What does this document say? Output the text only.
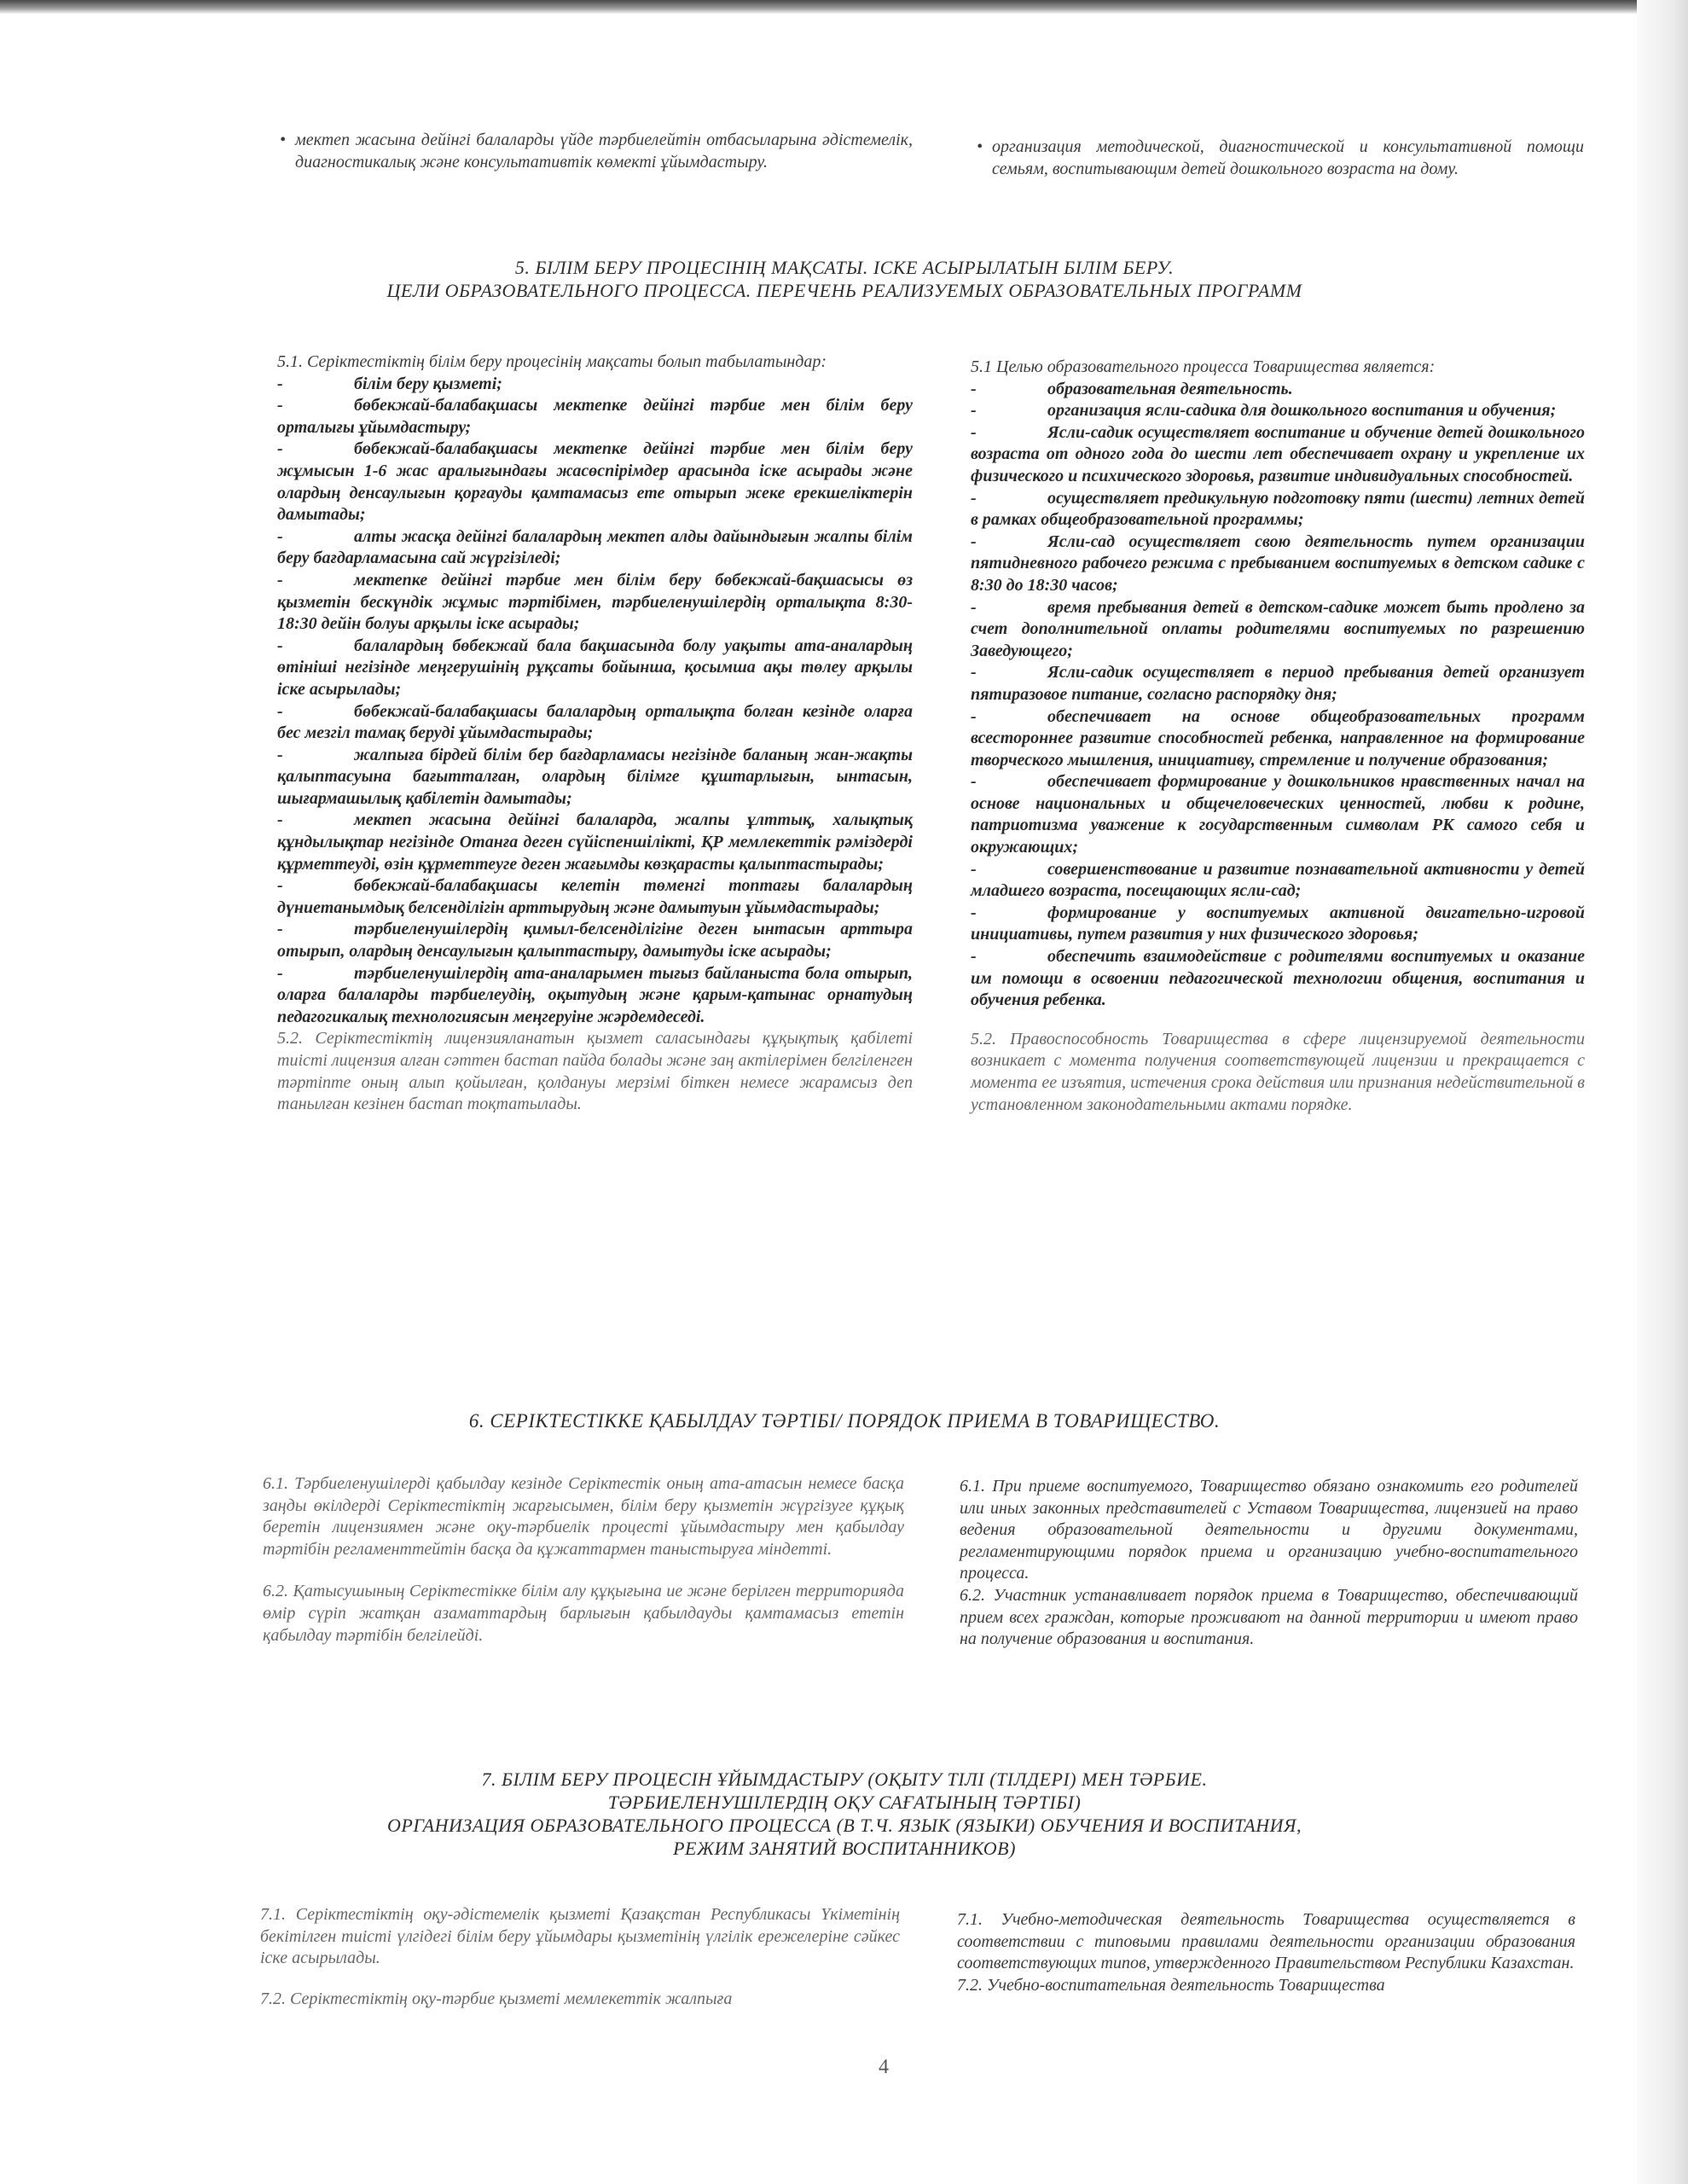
• мектеп жасына дейінгі балаларды үйде тәрбиелейтін отбасыларына әдістемелік, диагностикалық және консультативтік көмекті ұйымдастыру.

• организация методической, диагностической и консультативной помощи семьям, воспитывающим детей дошкольного возраста на дому.

5. БІЛІМ БЕРУ ПРОЦЕСІНІҢ МАҚСАТЫ. ІСКЕ АСЫРЫЛАТЫН БІЛІМ БЕРУ.
ЦЕЛИ ОБРАЗОВАТЕЛЬНОГО ПРОЦЕССА. ПЕРЕЧЕНЬ РЕАЛИЗУЕМЫХ ОБРАЗОВАТЕЛЬНЫХ ПРОГРАММ

5.1. Серіктестіктің білім беру процесінің мақсаты болып табылатындар:

-	білім беру қызметі;

-	бөбекжай-балабақшасы мектепке дейінгі тәрбие мен білім беру орталығы ұйымдастыру;

-	бөбекжай-балабақшасы мектепке дейінгі тәрбие мен білім беру жұмысын 1-6 жас аралығындағы жасөспірімдер арасында іске асырады және олардың денсаулығын қорғауды қамтамасыз ете отырып жеке ерекшеліктерін дамытады;

-	алты жасқа дейінгі балалардың мектеп алды дайындығын жалпы білім беру бағдарламасына сай жүргізіледі;

-	мектепке дейінгі тәрбие мен білім беру бөбекжай-бақшасысы өз қызметін бескүндік жұмыс тәртібімен, тәрбиеленушілердің орталықта 8:30-18:30 дейін болуы арқылы іске асырады;

-	балалардың бөбекжай бала бақшасында болу уақыты ата-аналардың өтініші негізінде меңгерушінің рұқсаты бойынша, қосымша ақы төлеу арқылы іске асырылады;

-	бөбекжай-балабақшасы балалардың орталықта болған кезінде оларға бес мезгіл тамақ беруді ұйымдастырады;

-	жалпыға бірдей білім бер бағдарламасы негізінде баланың жан-жақты қалыптасуына бағытталған, олардың білімге құштарлығын, ынтасын, шығармашылық қабілетін дамытады;

-	мектеп жасына дейінгі балаларда, жалпы ұлттық, халықтық құндылықтар негізінде Отанға деген сүйіспеншілікті, ҚР мемлекеттік рәміздерді құрметтеуді, өзін құрметтеуге деген жағымды көзқарасты қалыптастырады;

-	бөбекжай-балабақшасы келетін төменгі топтағы балалардың дүниетанымдық белсенділігін арттырудың және дамытуын ұйымдастырады;

-	тәрбиеленушілердің қимыл-белсенділігіне деген ынтасын арттыра отырып, олардың денсаулығын қалыптастыру, дамытуды іске асырады;

-	тәрбиеленушілердің ата-аналарымен тығыз байланыста бола отырып, оларға балаларды тәрбиелеудің, оқытудың және қарым-қатынас орнатудың педагогикалық технологиясын меңгеруіне жәрдемдеседі.

5.2. Серіктестіктің лицензияланатын қызмет саласындағы құқықтық қабілеті тиісті лицензия алған сәттен бастап пайда болады және заң актілерімен белгіленген тәртіпте оның алып қойылған, қолдануы мерзімі біткен немесе жарамсыз деп танылған кезінен бастап тоқтатылады.

5.1 Целью образовательного процесса Товарищества является:

-	образовательная деятельность.

-	организация ясли-садика для дошкольного воспитания и обучения;

-	Ясли-садик осуществляет воспитание и обучение детей дошкольного возраста от одного года до шести лет обеспечивает охрану и укрепление их физического и психического здоровья, развитие индивидуальных способностей.

-	осуществляет предикульную подготовку пяти (шести) летних детей в рамках общеобразовательной программы;

-	Ясли-сад осуществляет свою деятельность путем организации пятидневного рабочего режима с пребыванием воспитуемых в детском садике с 8:30 до 18:30 часов;

-	время пребывания детей в детском-садике может быть продлено за счет дополнительной оплаты родителями воспитуемых по разрешению Заведующего;

-	Ясли-садик осуществляет в период пребывания детей организует пятиразовое питание, согласно распорядку дня;

-	обеспечивает на основе общеобразовательных программ всестороннее развитие способностей ребенка, направленное на формирование творческого мышления, инициативу, стремление и получение образования;

-	обеспечивает формирование у дошкольников нравственных начал на основе национальных и общечеловеческих ценностей, любви к родине, патриотизма уважение к государственным символам РК самого себя и окружающих;

-	совершенствование и развитие познавательной активности у детей младшего возраста, посещающих ясли-сад;

-	формирование у воспитуемых активной двигательно-игровой инициативы, путем развития у них физического здоровья;

-	обеспечить взаимодействие с родителями воспитуемых и оказание им помощи в освоении педагогической технологии общения, воспитания и обучения ребенка.

5.2. Правоспособность Товарищества в сфере лицензируемой деятельности возникает с момента получения соответствующей лицензии и прекращается с момента ее изъятия, истечения срока действия или признания недействительной в установленном законодательными актами порядке.

6. СЕРІКТЕСТІККЕ ҚАБЫЛДАУ ТӘРТІБІ/ ПОРЯДОК ПРИЕМА В ТОВАРИЩЕСТВО.

6.1. Тәрбиеленушілерді қабылдау кезінде Серіктестік оның ата-атасын немесе басқа заңды өкілдерді Серіктестіктің жарғысымен, білім беру қызметін жүргізуге құқық беретін лицензиямен және оқу-тәрбиелік процесті ұйымдастыру мен қабылдау тәртібін регламенттейтін басқа да құжаттармен таныстыруға міндетті.

6.2. Қатысушының Серіктестікке білім алу құқығына ие және берілген территорияда өмір сүріп жатқан азаматтардың барлығын қабылдауды қамтамасыз ететін қабылдау тәртібін белгілейді.

6.1. При приеме воспитуемого, Товарищество обязано ознакомить его родителей или иных законных представителей с Уставом Товарищества, лицензией на право ведения образовательной деятельности и другими документами, регламентирующими порядок приема и организацию учебно-воспитательного процесса.

6.2. Участник устанавливает порядок приема в Товарищество, обеспечивающий прием всех граждан, которые проживают на данной территории и имеют право на получение образования и воспитания.

7. БІЛІМ БЕРУ ПРОЦЕСІН ҰЙЫМДАСТЫРУ (ОҚЫТУ ТІЛІ (ТІЛДЕРІ) МЕН ТӘРБИЕ.
ТӘРБИЕЛЕНУШІЛЕРДІҢ ОҚУ САҒАТЫНЫҢ ТӘРТІБІ)
ОРГАНИЗАЦИЯ ОБРАЗОВАТЕЛЬНОГО ПРОЦЕССА (В Т.Ч. ЯЗЫК (ЯЗЫКИ) ОБУЧЕНИЯ И ВОСПИТАНИЯ,
РЕЖИМ ЗАНЯТИЙ ВОСПИТАННИКОВ)

7.1. Серіктестіктің оқу-әдістемелік қызметі Қазақстан Республикасы Үкіметінің бекітілген тиісті үлгідегі білім беру ұйымдары қызметінің үлгілік ережелеріне сәйкес іске асырылады.

7.2. Серіктестіктің оқу-тәрбие қызметі мемлекеттік жалпыға

7.1. Учебно-методическая деятельность Товарищества осуществляется в соответствии с типовыми правилами деятельности организации образования соответствующих типов, утвержденного Правительством Республики Казахстан.

7.2. Учебно-воспитательная деятельность Товарищества

4
